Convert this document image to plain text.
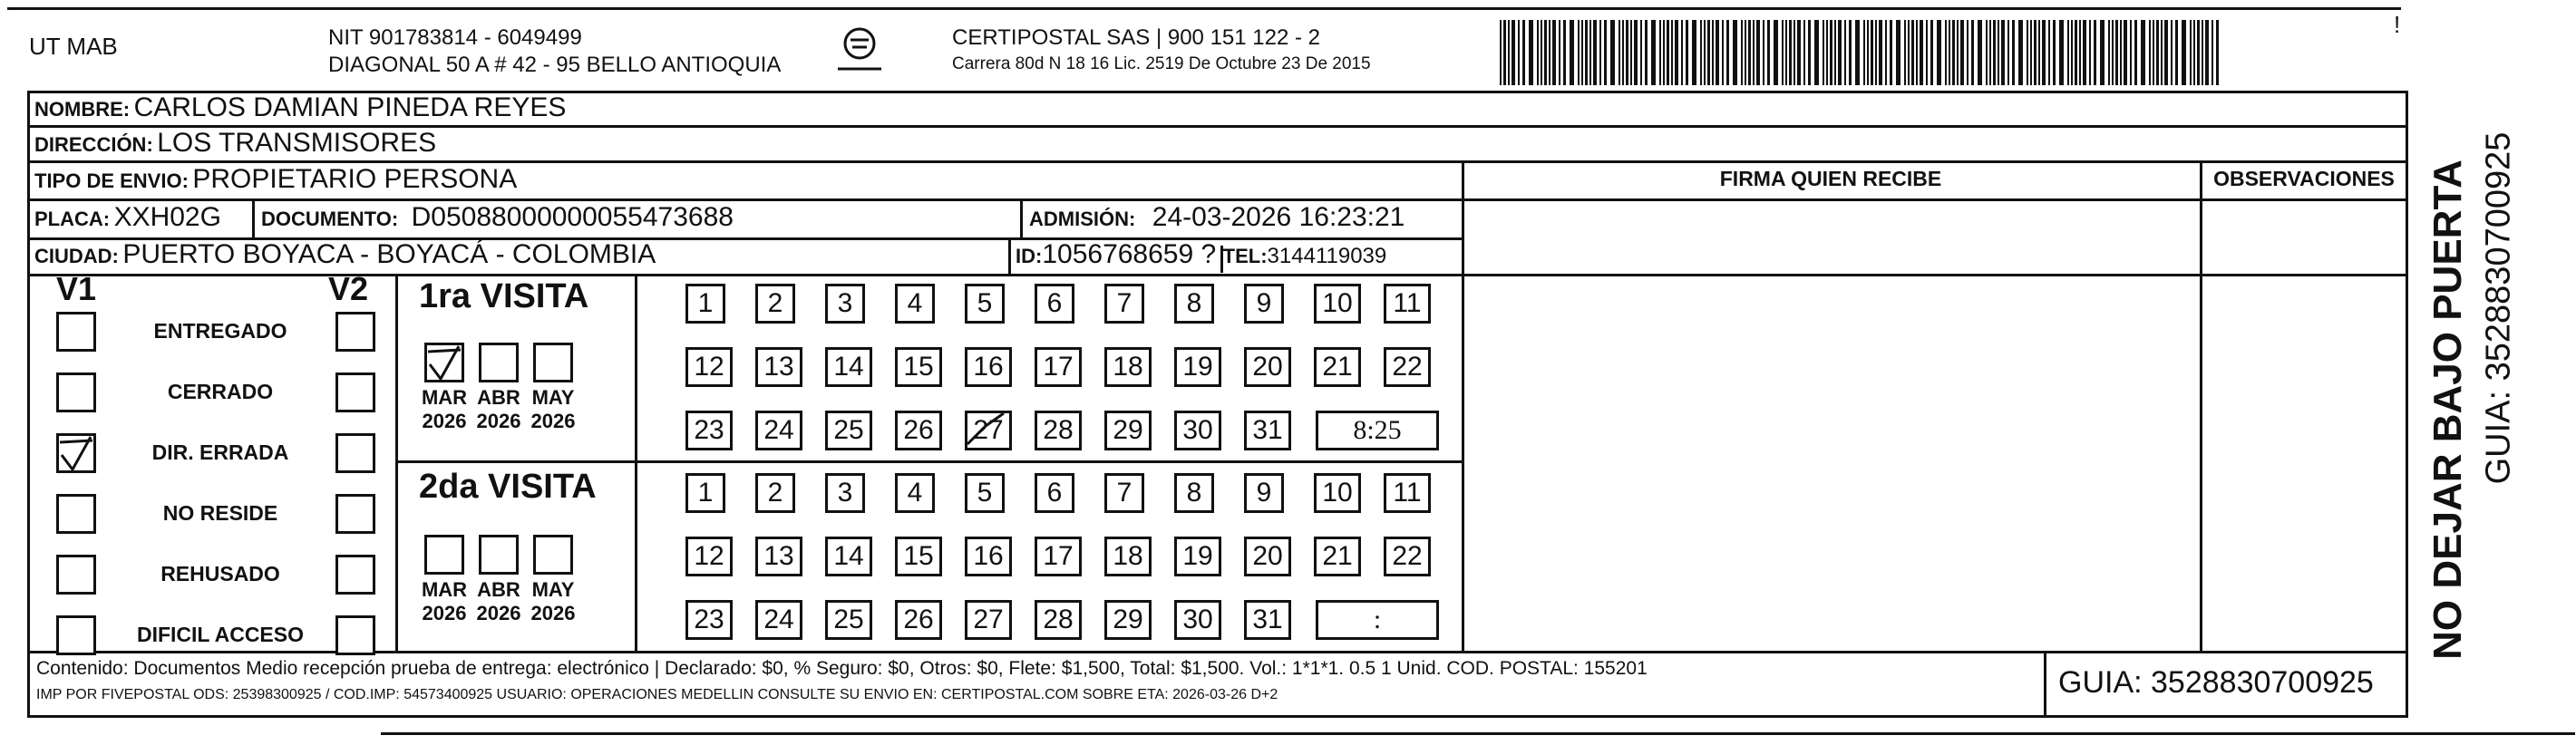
UT MAB	NIT 901783814 - 6049499
DIAGONAL 50 A # 42 - 95 BELLO ANTIOQUIA
CERTIPOSTAL SAS | 900 151 122 - 2
Carrera 80d N 18 16 Lic. 2519 De Octubre 23 De 2015
!
NOMBRE: CARLOS DAMIAN PINEDA REYES
DIRECCIÓN: LOS TRANSMISORES
TIPO DE ENVIO: PROPIETARIO PERSONA
PLACA: XXH02G DOCUMENTO: D05088000000055473688	ADMISIÓN: 24-03-2026 16:23:21
CIUDAD: PUERTO BOYACA - BOYACÁ - COLOMBIA	ID:1056768659 ? TEL:3144119039
FIRMA QUIEN RECIBE	OBSERVACIONES
V1	V2
ENTREGADO
CERRADO
DIR. ERRADA
NO RESIDE
REHUSADO
DIFICIL ACCESO
1ra VISITA
MAR
2026
ABR
2026
MAY
2026
1 2 3 4 5 6 7 8 9 10 11
12 13 14 15 16 17 18 19 20 21 22
23 24 25 26 27 28 29 30 31	8:25
2da VISITA
MAR
2026
ABR
2026
MAY
2026
1 2 3 4 5 6 7 8 9 10 11
12 13 14 15 16 17 18 19 20 21 22
23 24 25 26 27 28 29 30 31	:	NO DEJAR BAJO PUERTA GUIA: 3528830700925
Contenido: Documentos Medio recepción prueba de entrega: electrónico | Declarado: $0, % Seguro: $0, Otros: $0, Flete: $1,500, Total: $1,500. Vol.: 1*1*1. 0.5 1 Unid. COD. POSTAL: 155201
IMP POR FIVEPOSTAL ODS: 25398300925 / COD.IMP: 54573400925 USUARIO: OPERACIONES MEDELLIN CONSULTE SU ENVIO EN: CERTIPOSTAL.COM SOBRE ETA: 2026-03-26 D+2	GUIA: 3528830700925
